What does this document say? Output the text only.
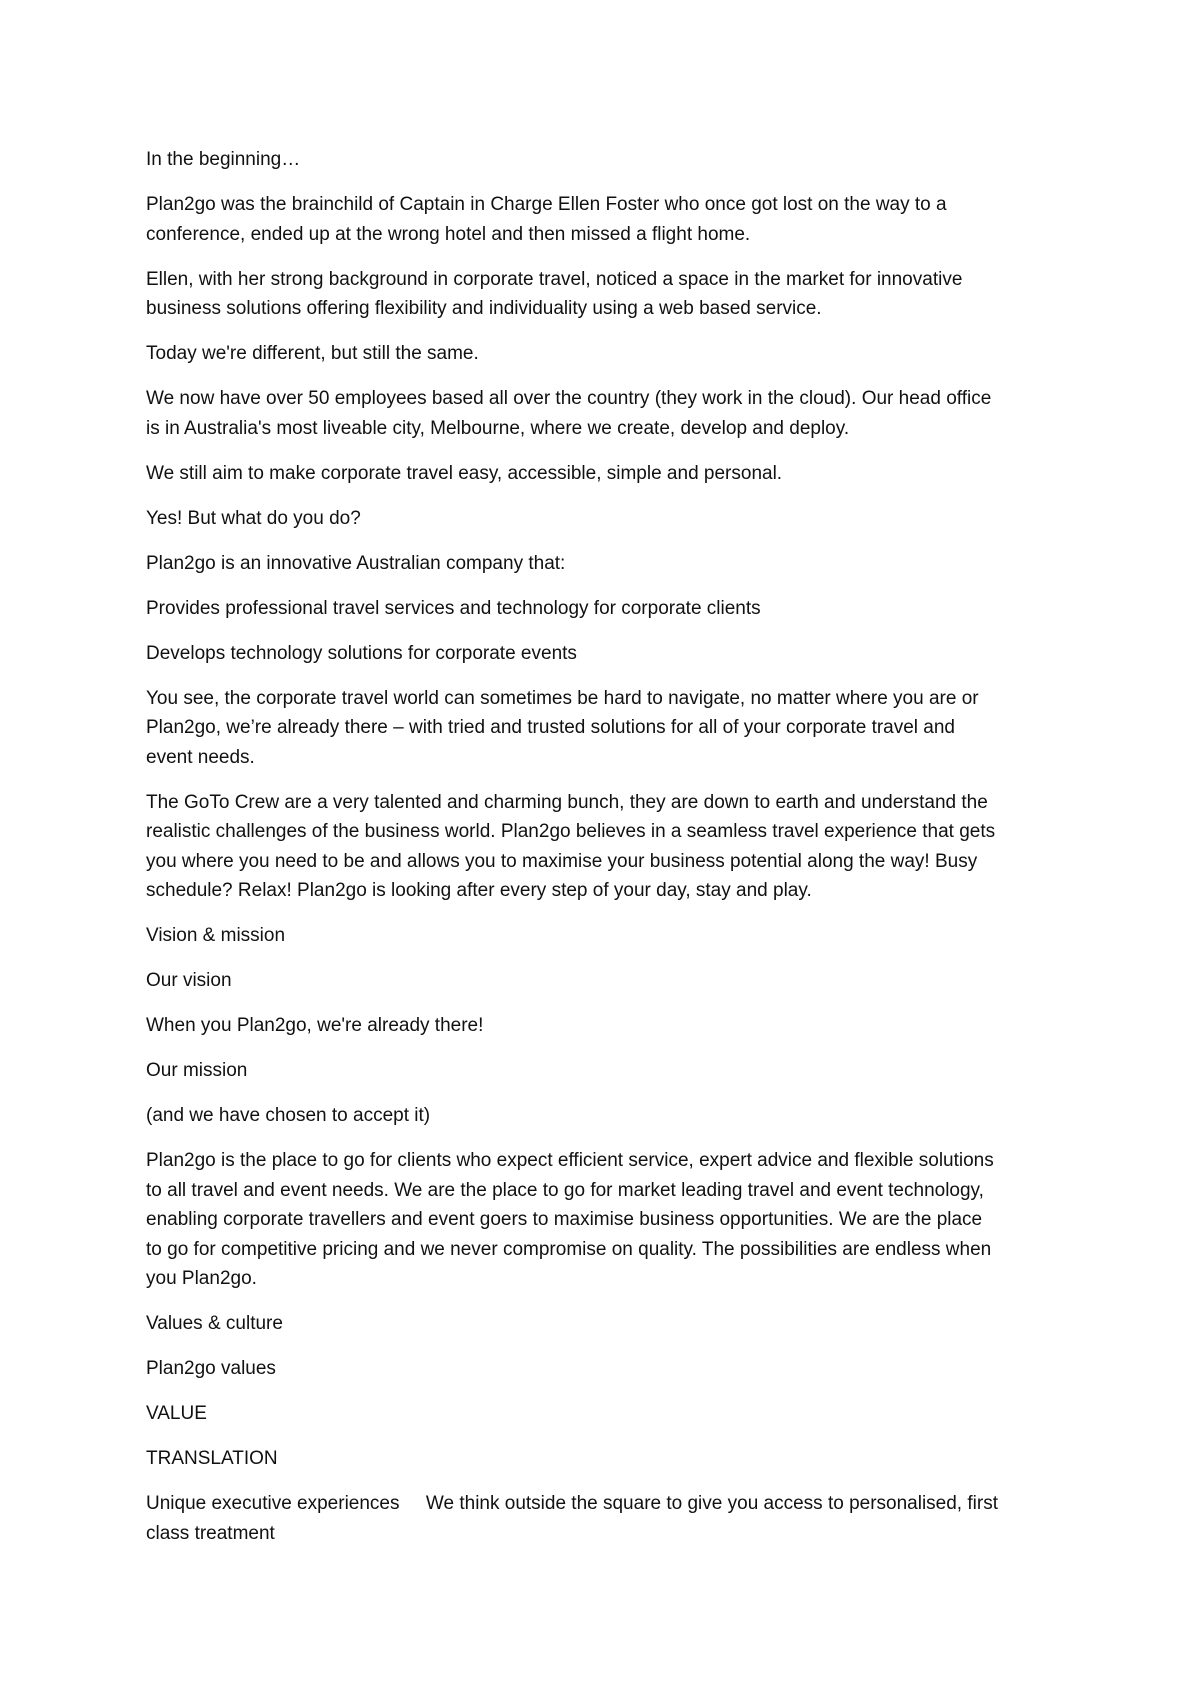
In the beginning…

Plan2go was the brainchild of Captain in Charge Ellen Foster who once got lost on the way to a
conference, ended up at the wrong hotel and then missed a flight home.

Ellen, with her strong background in corporate travel, noticed a space in the market for innovative
business solutions offering flexibility and individuality using a web based service.

Today we're different, but still the same.

We now have over 50 employees based all over the country (they work in the cloud). Our head office
is in Australia's most liveable city, Melbourne, where we create, develop and deploy.

We still aim to make corporate travel easy, accessible, simple and personal.

Yes! But what do you do?

Plan2go is an innovative Australian company that:

Provides professional travel services and technology for corporate clients

Develops technology solutions for corporate events

You see, the corporate travel world can sometimes be hard to navigate, no matter where you are or
Plan2go, we’re already there – with tried and trusted solutions for all of your corporate travel and
event needs.

The GoTo Crew are a very talented and charming bunch, they are down to earth and understand the
realistic challenges of the business world. Plan2go believes in a seamless travel experience that gets
you where you need to be and allows you to maximise your business potential along the way! Busy
schedule? Relax! Plan2go is looking after every step of your day, stay and play.

Vision & mission

Our vision

When you Plan2go, we're already there!

Our mission

(and we have chosen to accept it)

Plan2go is the place to go for clients who expect efficient service, expert advice and flexible solutions
to all travel and event needs. We are the place to go for market leading travel and event technology,
enabling corporate travellers and event goers to maximise business opportunities. We are the place
to go for competitive pricing and we never compromise on quality. The possibilities are endless when
you Plan2go.

Values & culture

Plan2go values

VALUE

TRANSLATION

Unique executive experiences We think outside the square to give you access to personalised, first
class treatment
